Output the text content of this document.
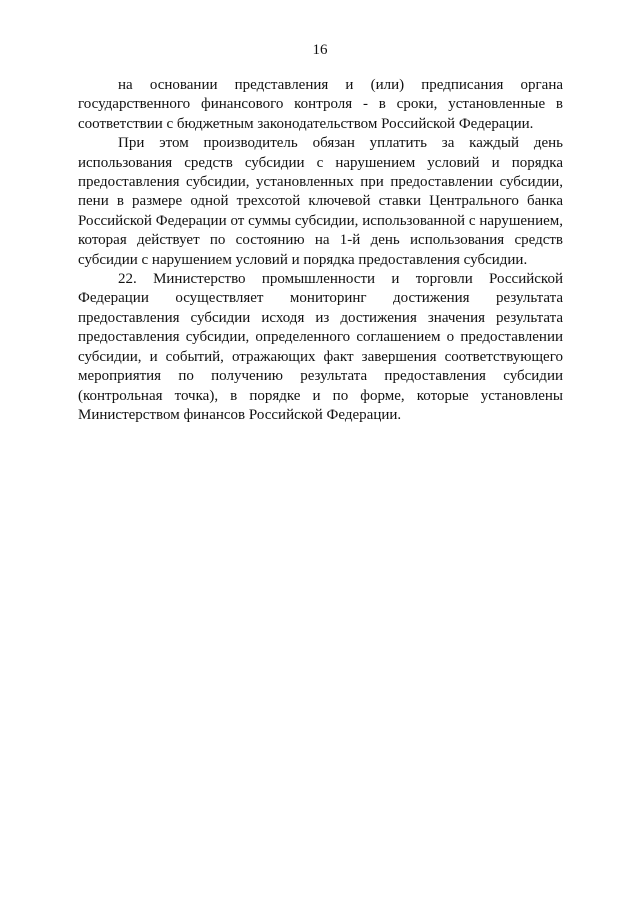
16

на основании представления и (или) предписания органа государственного финансового контроля - в сроки, установленные в соответствии с бюджетным законодательством Российской Федерации.

При этом производитель обязан уплатить за каждый день использования средств субсидии с нарушением условий и порядка предоставления субсидии, установленных при предоставлении субсидии, пени в размере одной трехсотой ключевой ставки Центрального банка Российской Федерации от суммы субсидии, использованной с нарушением, которая действует по состоянию на 1-й день использования средств субсидии с нарушением условий и порядка предоставления субсидии.

22. Министерство промышленности и торговли Российской Федерации осуществляет мониторинг достижения результата предоставления субсидии исходя из достижения значения результата предоставления субсидии, определенного соглашением о предоставлении субсидии, и событий, отражающих факт завершения соответствующего мероприятия по получению результата предоставления субсидии (контрольная точка), в порядке и по форме, которые установлены Министерством финансов Российской Федерации.
